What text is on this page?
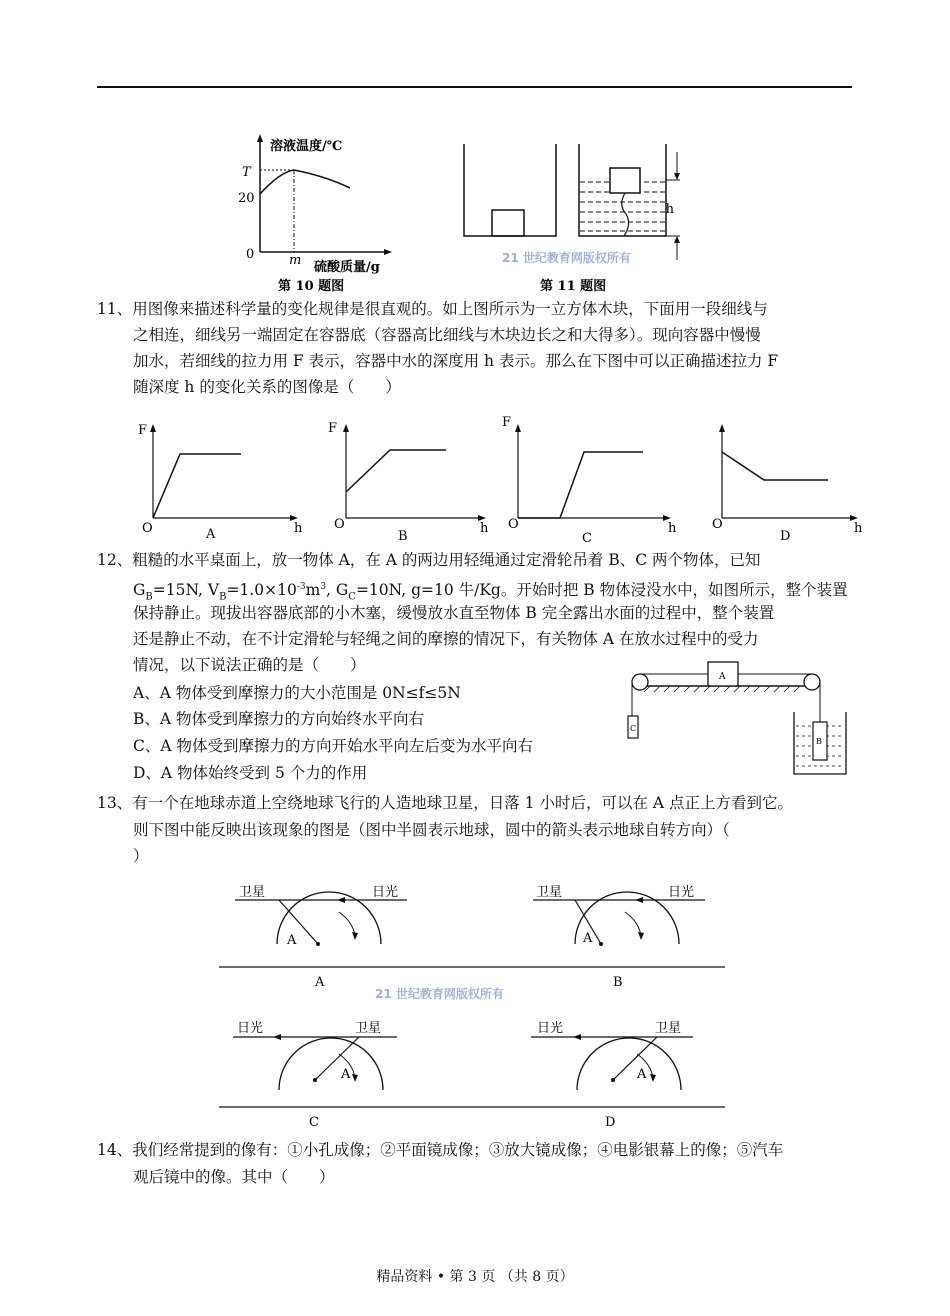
溶液温度/℃
T
20
0	m 硫酸质量/g
第 10 题图
h
21 世纪教育网版权所有
第 11 题图
11、用图像来描述科学量的变化规律是很直观的。如上图所示为一立方体木块，下面用一段细线与
之相连，细线另一端固定在容器底（容器高比细线与木块边长之和大得多）。现向容器中慢慢
加水，若细线的拉力用 F 表示，容器中水的深度用 h 表示。那么在下图中可以正确描述拉力 F
随深度 h 的变化关系的图像是（　　）
F
O	h
A
F
O	h
B
F
O	h
C
O	h
D
12、粗糙的水平桌面上，放一物体 A，在 A 的两边用轻绳通过定滑轮吊着 B、C 两个物体，已知
$G_B=15N$, $V_B=1.0\times 10^{-3}m^3$, $G_C=10N$, g=10 牛/Kg。开始时把 B 物体浸没水中，如图所示，整个装置
保持静止。现拔出容器底部的小木塞，缓慢放水直至物体 B 完全露出水面的过程中，整个装置
还是静止不动，在不计定滑轮与轻绳之间的摩擦的情况下，有关物体 A 在放水过程中的受力
情况，以下说法正确的是（　　）
A、A 物体受到摩擦力的大小范围是 0N≤f≤5N
B、A 物体受到摩擦力的方向始终水平向右
C、A 物体受到摩擦力的方向开始水平向左后变为水平向右
D、A 物体始终受到 5 个力的作用
A
C
B
13、有一个在地球赤道上空绕地球飞行的人造地球卫星，日落 1 小时后，可以在 A 点正上方看到它。
则下图中能反映出该现象的图是（图中半圆表示地球，圆中的箭头表示地球自转方向）（
）
卫星	日光
A
A
卫星	日光
A
B
21 世纪教育网版权所有
日光	卫星
A
C
日光	卫星
A
D
14、我们经常提到的像有：①小孔成像；②平面镜成像；③放大镜成像；④电影银幕上的像；⑤汽车
观后镜中的像。其中（　　）
精品资料 • 第 3 页 （共 8 页）
